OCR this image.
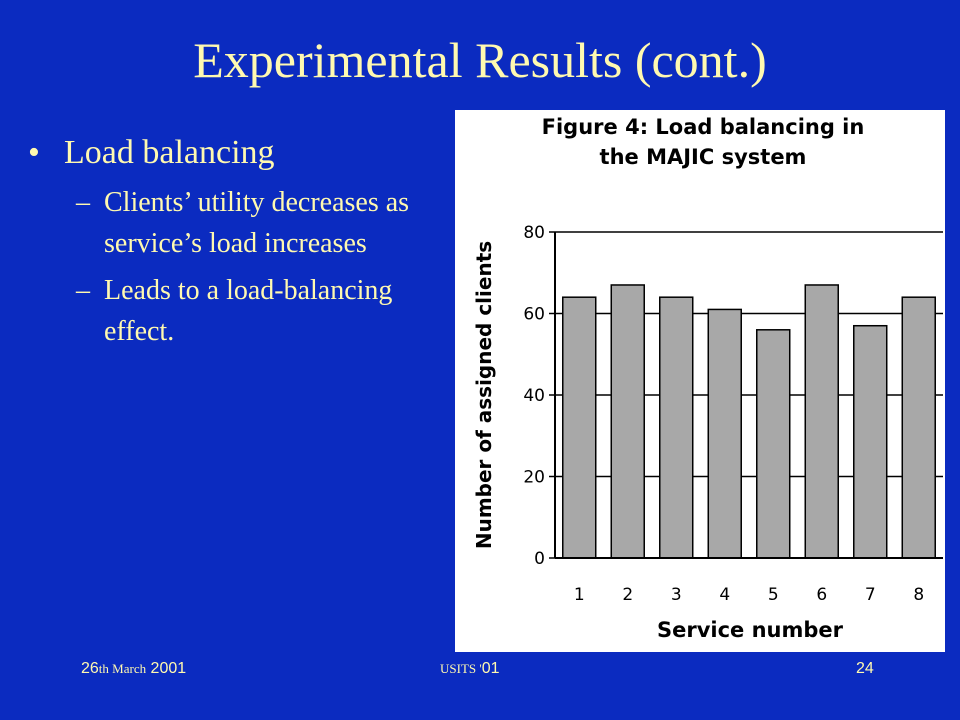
Experimental Results (cont.)
• Load balancing
– Clients’ utility decreases as service’s load increases
– Leads to a load-balancing effect.
Figure 4: Load balancing in
the MAJIC system
0
20
40
60
80
1 2 3 4 5 6 7 8
Service number
Number of assigned clients
26th March 2001	USITS '01	24
